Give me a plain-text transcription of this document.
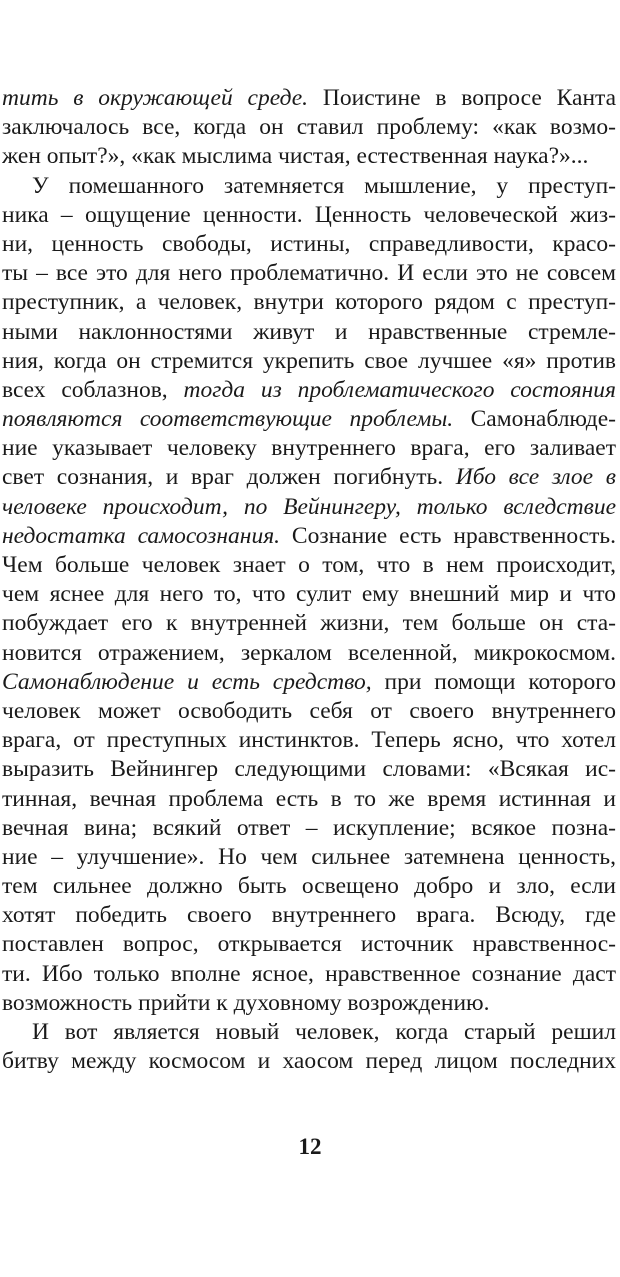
тить в окружающей среде. Поистине в вопросе Канта
заключалось все, когда он ставил проблему: «как возмо-
жен опыт?», «как мыслима чистая, естественная наука?»...
У помешанного затемняется мышление, у преступ-
ника – ощущение ценности. Ценность человеческой жиз-
ни, ценность свободы, истины, справедливости, красо-
ты – все это для него проблематично. И если это не совсем
преступник, а человек, внутри которого рядом с преступ-
ными наклонностями живут и нравственные стремле-
ния, когда он стремится укрепить свое лучшее «я» против
всех соблазнов, тогда из проблематического состояния
появляются соответствующие проблемы. Самонаблюде-
ние указывает человеку внутреннего врага, его заливает
свет сознания, и враг должен погибнуть. Ибо все злое в
человеке происходит, по Вейнингеру, только вследствие
недостатка самосознания. Сознание есть нравственность.
Чем больше человек знает о том, что в нем происходит,
чем яснее для него то, что сулит ему внешний мир и что
побуждает его к внутренней жизни, тем больше он ста-
новится отражением, зеркалом вселенной, микрокосмом.
Самонаблюдение и есть средство, при помощи которого
человек может освободить себя от своего внутреннего
врага, от преступных инстинктов. Теперь ясно, что хотел
выразить Вейнингер следующими словами: «Всякая ис-
тинная, вечная проблема есть в то же время истинная и
вечная вина; всякий ответ – искупление; всякое позна-
ние – улучшение». Но чем сильнее затемнена ценность,
тем сильнее должно быть освещено добро и зло, если
хотят победить своего внутреннего врага. Всюду, где
поставлен вопрос, открывается источник нравственнос-
ти. Ибо только вполне ясное, нравственное сознание даст
возможность прийти к духовному возрождению.
И вот является новый человек, когда старый решил
битву между космосом и хаосом перед лицом последних
12
